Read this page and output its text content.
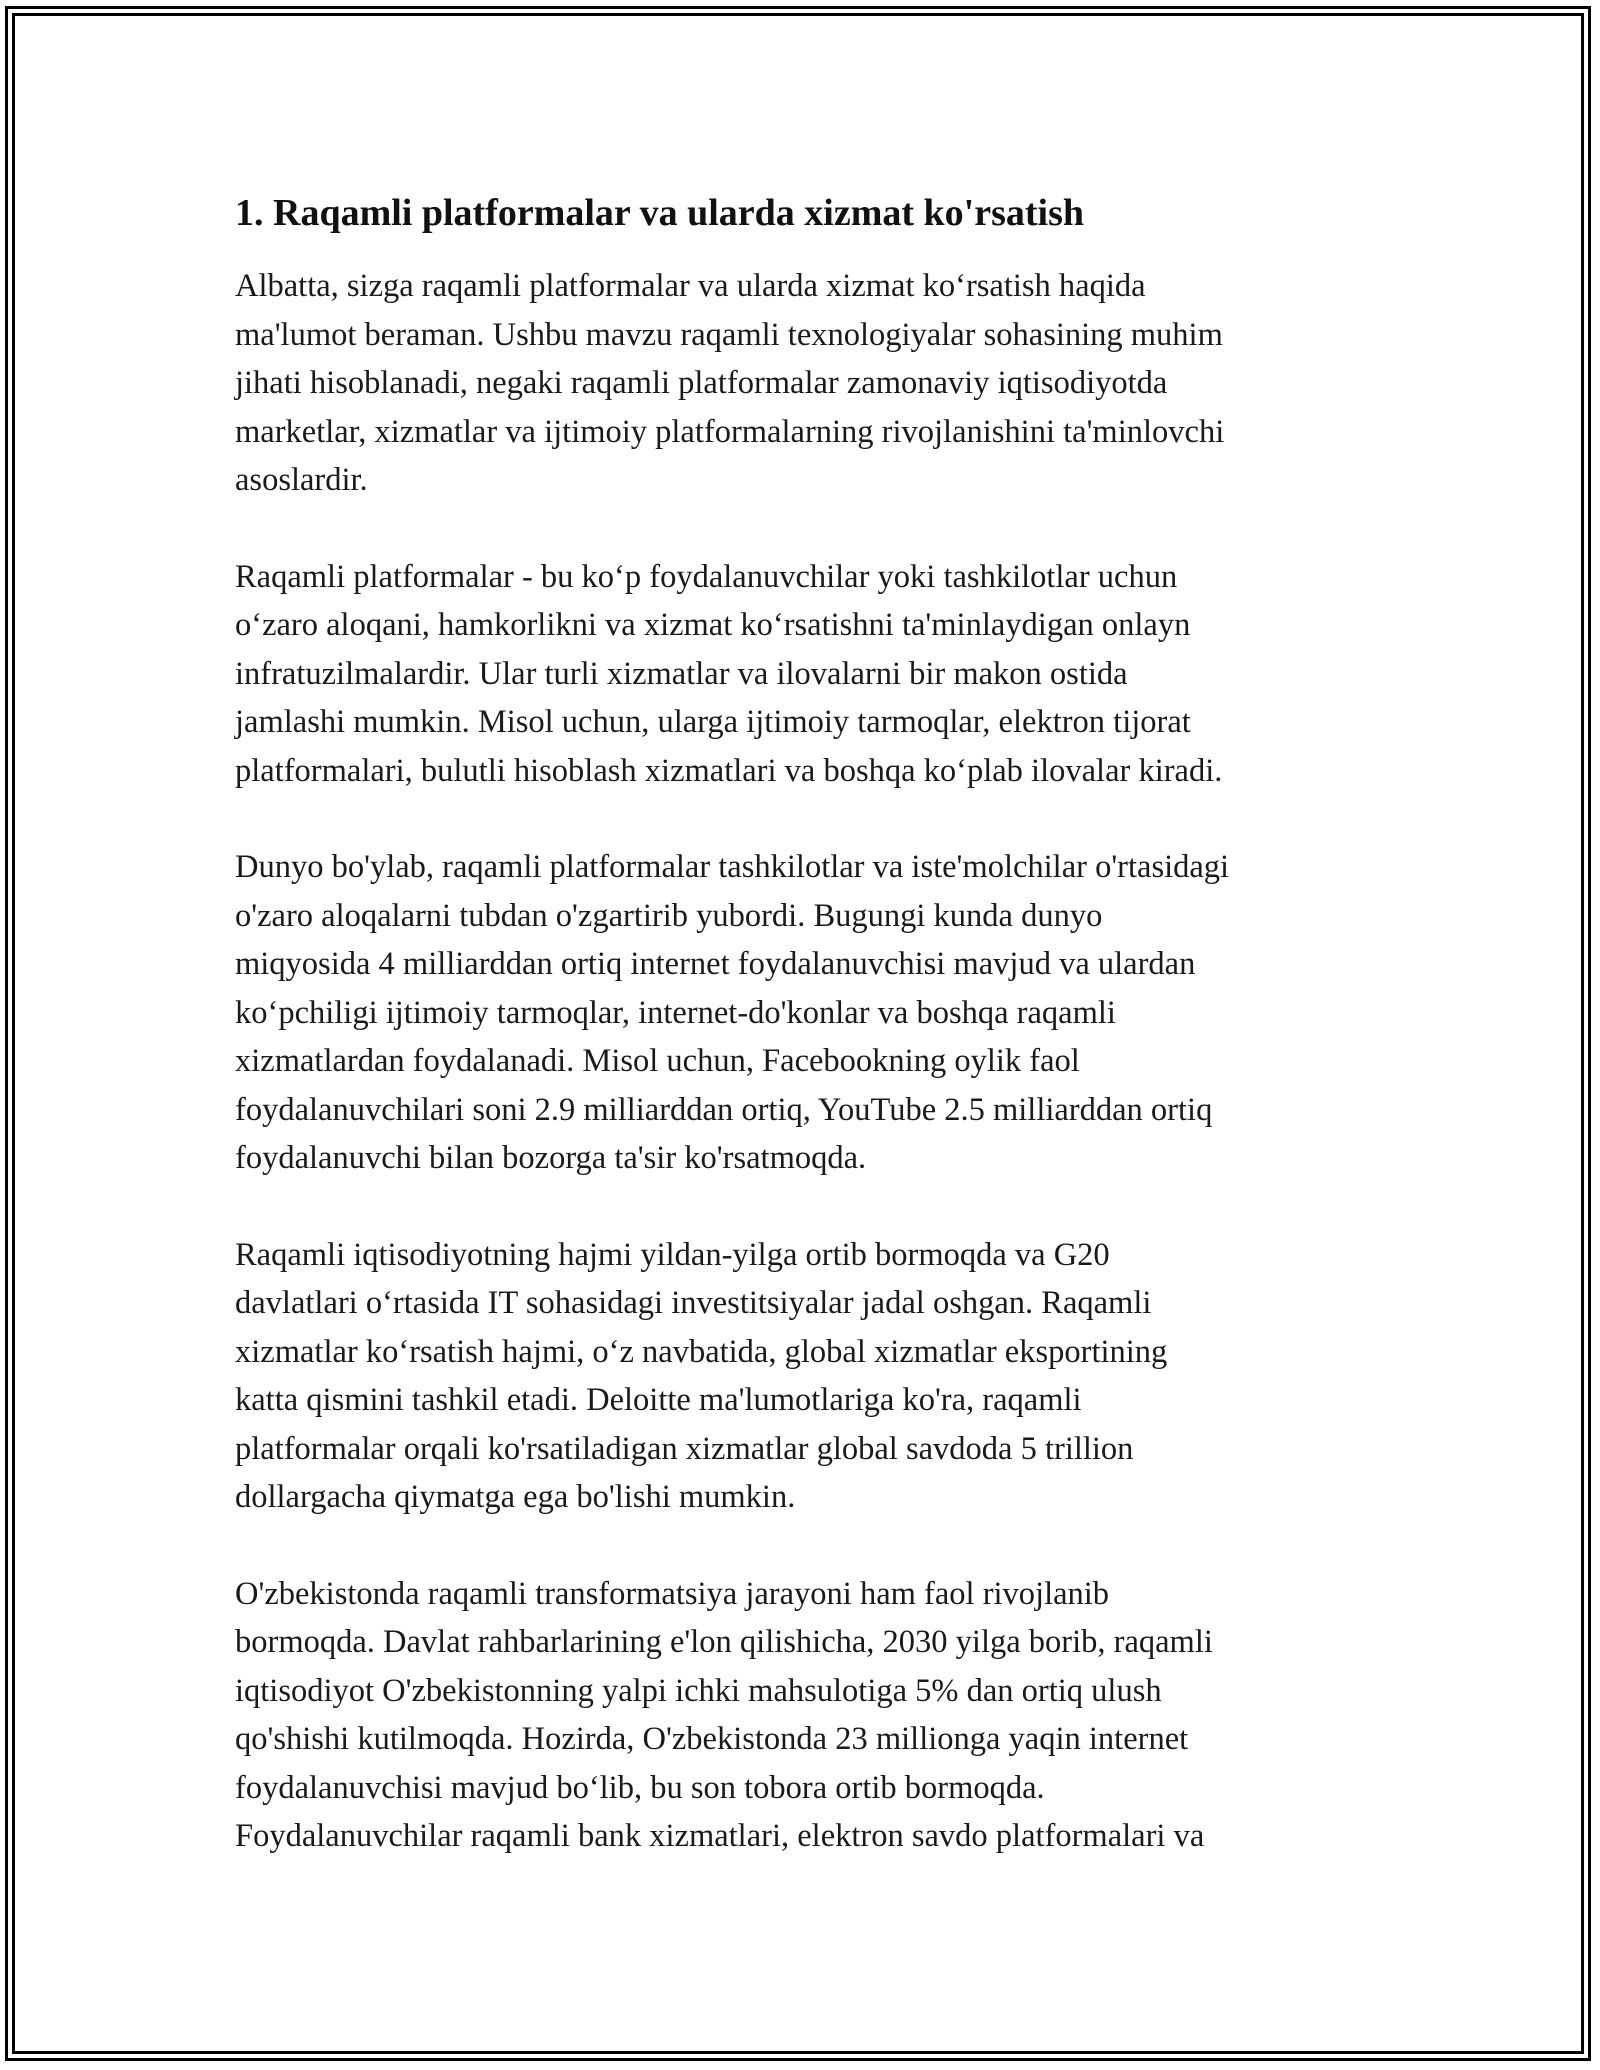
1. Raqamli platformalar va ularda xizmat ko'rsatish
Albatta, sizga raqamli platformalar va ularda xizmat koʻrsatish haqida
ma'lumot beraman. Ushbu mavzu raqamli texnologiyalar sohasining muhim
jihati hisoblanadi, negaki raqamli platformalar zamonaviy iqtisodiyotda
marketlar, xizmatlar va ijtimoiy platformalarning rivojlanishini ta'minlovchi
asoslardir.
Raqamli platformalar - bu koʻp foydalanuvchilar yoki tashkilotlar uchun
oʻzaro aloqani, hamkorlikni va xizmat koʻrsatishni ta'minlaydigan onlayn
infratuzilmalardir. Ular turli xizmatlar va ilovalarni bir makon ostida
jamlashi mumkin. Misol uchun, ularga ijtimoiy tarmoqlar, elektron tijorat
platformalari, bulutli hisoblash xizmatlari va boshqa koʻplab ilovalar kiradi.
Dunyo bo'ylab, raqamli platformalar tashkilotlar va iste'molchilar o'rtasidagi
o'zaro aloqalarni tubdan o'zgartirib yubordi. Bugungi kunda dunyo
miqyosida 4 milliarddan ortiq internet foydalanuvchisi mavjud va ulardan
koʻpchiligi ijtimoiy tarmoqlar, internet-do'konlar va boshqa raqamli
xizmatlardan foydalanadi. Misol uchun, Facebookning oylik faol
foydalanuvchilari soni 2.9 milliarddan ortiq, YouTube 2.5 milliarddan ortiq
foydalanuvchi bilan bozorga ta'sir ko'rsatmoqda.
Raqamli iqtisodiyotning hajmi yildan-yilga ortib bormoqda va G20
davlatlari oʻrtasida IT sohasidagi investitsiyalar jadal oshgan. Raqamli
xizmatlar koʻrsatish hajmi, oʻz navbatida, global xizmatlar eksportining
katta qismini tashkil etadi. Deloitte ma'lumotlariga ko'ra, raqamli
platformalar orqali ko'rsatiladigan xizmatlar global savdoda 5 trillion
dollargacha qiymatga ega bo'lishi mumkin.
O'zbekistonda raqamli transformatsiya jarayoni ham faol rivojlanib
bormoqda. Davlat rahbarlarining e'lon qilishicha, 2030 yilga borib, raqamli
iqtisodiyot O'zbekistonning yalpi ichki mahsulotiga 5% dan ortiq ulush
qo'shishi kutilmoqda. Hozirda, O'zbekistonda 23 millionga yaqin internet
foydalanuvchisi mavjud boʻlib, bu son tobora ortib bormoqda.
Foydalanuvchilar raqamli bank xizmatlari, elektron savdo platformalari va
